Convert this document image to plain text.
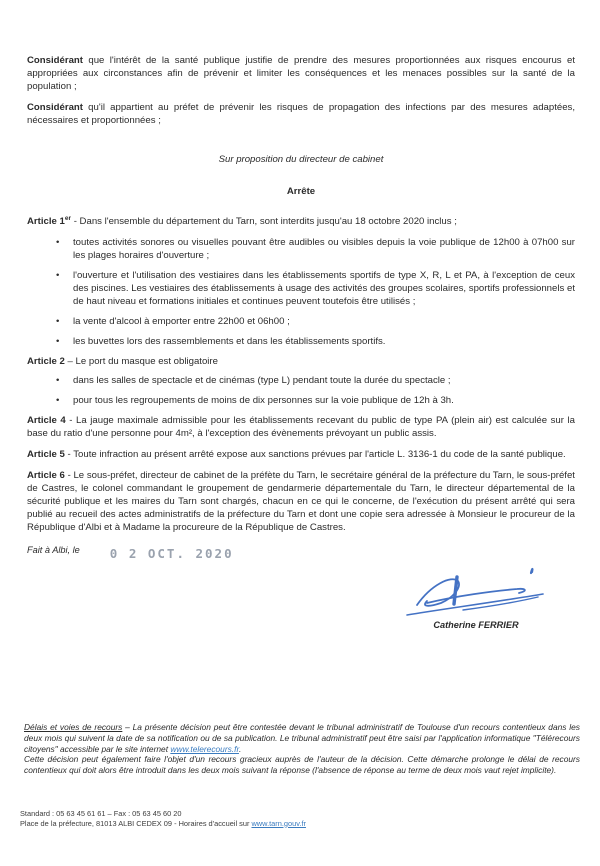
Considérant que l'intérêt de la santé publique justifie de prendre des mesures proportionnées aux risques encourus et appropriées aux circonstances afin de prévenir et limiter les conséquences et les menaces possibles sur la santé de la population ;

Considérant qu'il appartient au préfet de prévenir les risques de propagation des infections par des mesures adaptées, nécessaires et proportionnées ;

Sur proposition du directeur de cabinet

Arrête

Article 1er - Dans l'ensemble du département du Tarn, sont interdits jusqu'au 18 octobre 2020 inclus ;

• toutes activités sonores ou visuelles pouvant être audibles ou visibles depuis la voie publique de 12h00 à 07h00 sur les plages horaires d'ouverture ;
• l'ouverture et l'utilisation des vestiaires dans les établissements sportifs de type X, R, L et PA, à l'exception de ceux des piscines. Les vestiaires des établissements à usage des activités des groupes scolaires, sportifs professionnels et de haut niveau et formations initiales et continues peuvent toutefois être utilisés ;
• la vente d'alcool à emporter entre 22h00 et 06h00 ;
• les buvettes lors des rassemblements et dans les établissements sportifs.

Article 2 – Le port du masque est obligatoire

• dans les salles de spectacle et de cinémas (type L) pendant toute la durée du spectacle ;
• pour tous les regroupements de moins de dix personnes sur la voie publique de 12h à 3h.

Article 4 - La jauge maximale admissible pour les établissements recevant du public de type PA (plein air) est calculée sur la base du ratio d'une personne pour 4m², à l'exception des évènements prévoyant un public assis.

Article 5 - Toute infraction au présent arrêté expose aux sanctions prévues par l'article L. 3136-1 du code de la santé publique.

Article 6 - Le sous-préfet, directeur de cabinet de la préfète du Tarn, le secrétaire général de la préfecture du Tarn, le sous-préfet de Castres, le colonel commandant le groupement de gendarmerie départementale du Tarn, le directeur départemental de la sécurité publique et les maires du Tarn sont chargés, chacun en ce qui le concerne, de l'exécution du présent arrêté qui sera publié au recueil des actes administratifs de la préfecture du Tarn et dont une copie sera adressée à Monsieur le procureur de la République d'Albi et à Madame la procureure de la République de Castres.

Fait à Albi, le 0 2 OCT. 2020
Catherine FERRIER
Délais et voies de recours – La présente décision peut être contestée devant le tribunal administratif de Toulouse d'un recours contentieux dans les deux mois qui suivent la date de sa notification ou de sa publication. Le tribunal administratif peut être saisi par l'application informatique "Télérecours citoyens" accessible par le site internet www.telerecours.fr.
Cette décision peut également faire l'objet d'un recours gracieux auprès de l'auteur de la décision. Cette démarche prolonge le délai de recours contentieux qui doit alors être introduit dans les deux mois suivant la réponse (l'absence de réponse au terme de deux mois vaut rejet implicite).
Standard : 05 63 45 61 61 – Fax : 05 63 45 60 20
Place de la préfecture, 81013 ALBI CEDEX 09 - Horaires d'accueil sur www.tarn.gouv.fr
